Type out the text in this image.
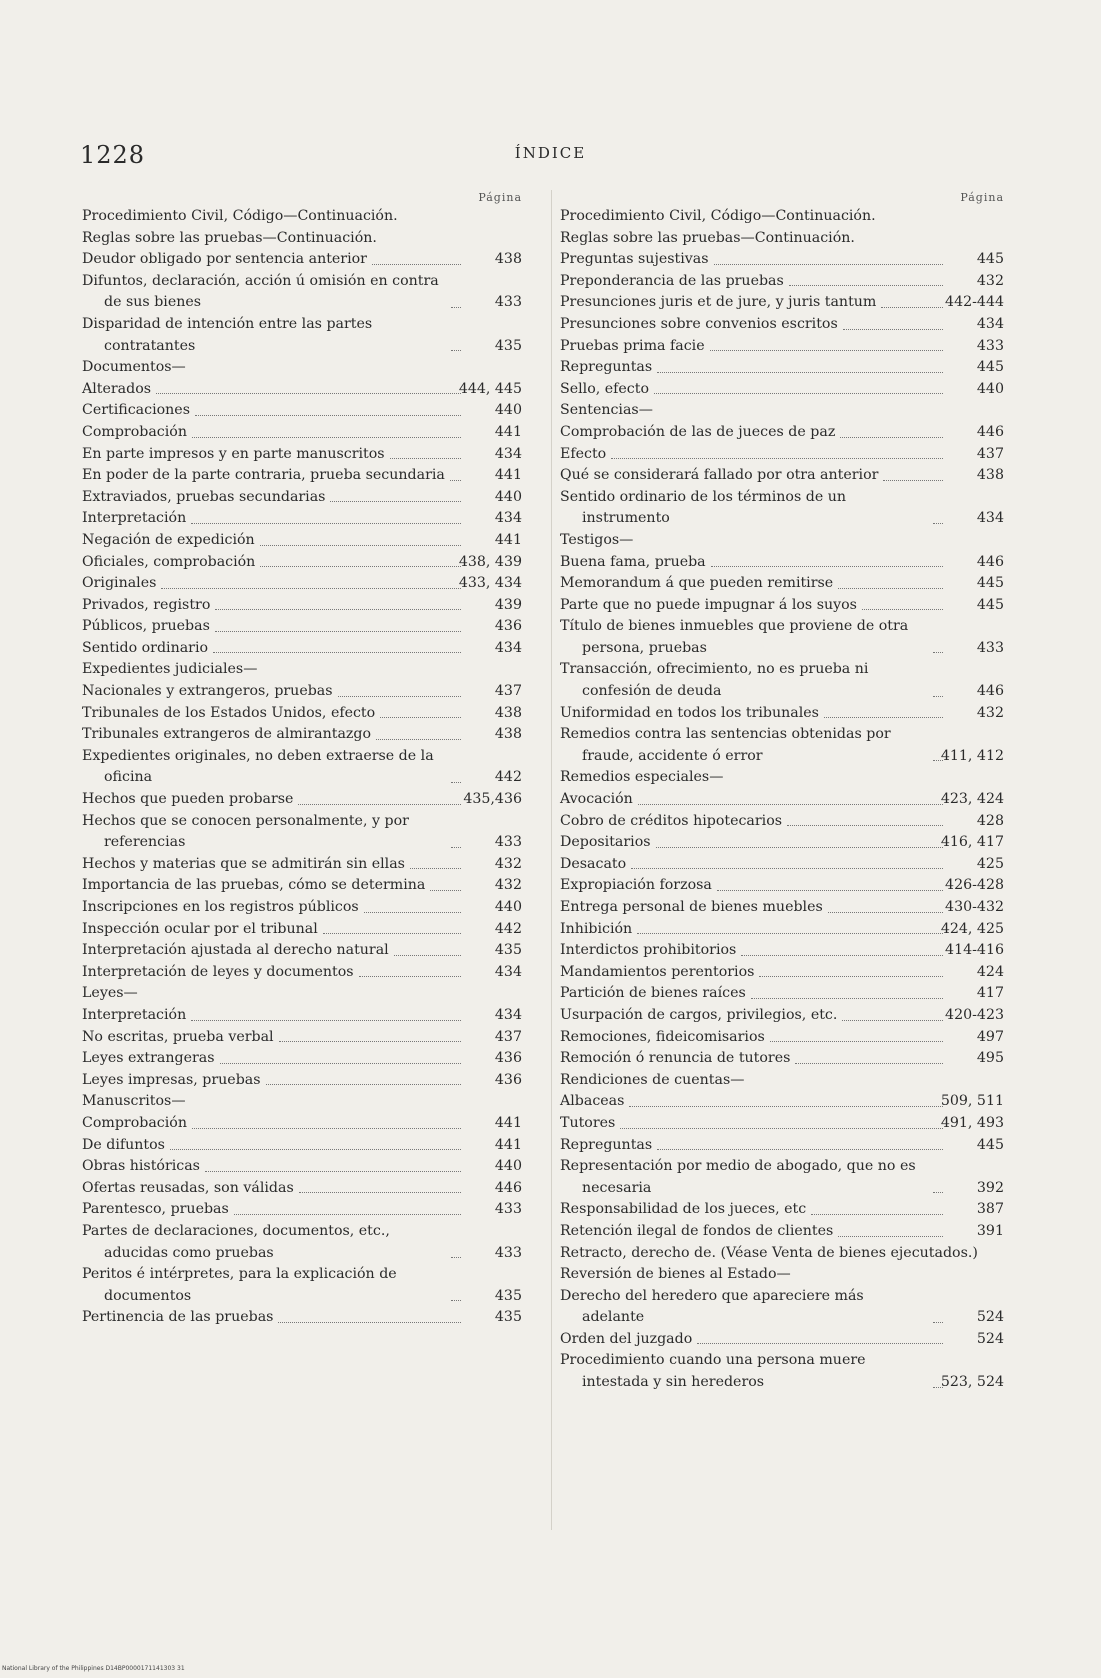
1228	ÍNDICE
Página
Procedimiento Civil, Código—Continuación.
Reglas sobre las pruebas—Continuación.
Deudor obligado por sentencia anterior	438
Difuntos, declaración, acción ú omisión en contra de sus bienes	433
Disparidad de intención entre las partes contratantes	435
Documentos—
Alterados	444, 445
Certificaciones	440
Comprobación	441
En parte impresos y en parte manuscritos	434
En poder de la parte contraria, prueba secundaria	441
Extraviados, pruebas secundarias	440
Interpretación	434
Negación de expedición	441
Oficiales, comprobación	438, 439
Originales	433, 434
Privados, registro	439
Públicos, pruebas	436
Sentido ordinario	434
Expedientes judiciales—
Nacionales y extrangeros, pruebas	437
Tribunales de los Estados Unidos, efecto	438
Tribunales extrangeros de almirantazgo	438
Expedientes originales, no deben extraerse de la oficina	442
Hechos que pueden probarse	435,436
Hechos que se conocen personalmente, y por referencias	433
Hechos y materias que se admitirán sin ellas	432
Importancia de las pruebas, cómo se determina	432
Inscripciones en los registros públicos	440
Inspección ocular por el tribunal	442
Interpretación ajustada al derecho natural	435
Interpretación de leyes y documentos	434
Leyes—
Interpretación	434
No escritas, prueba verbal	437
Leyes extrangeras	436
Leyes impresas, pruebas	436
Manuscritos—
Comprobación	441
De difuntos	441
Obras históricas	440
Ofertas reusadas, son válidas	446
Parentesco, pruebas	433
Partes de declaraciones, documentos, etc., aducidas como pruebas	433
Peritos é intérpretes, para la explicación de documentos	435
Pertinencia de las pruebas	435
Página
Procedimiento Civil, Código—Continuación.
Reglas sobre las pruebas—Continuación.
Preguntas sujestivas	445
Preponderancia de las pruebas	432
Presunciones juris et de jure, y juris tantum	442-444
Presunciones sobre convenios escritos	434
Pruebas prima facie	433
Repreguntas	445
Sello, efecto	440
Sentencias—
Comprobación de las de jueces de paz	446
Efecto	437
Qué se considerará fallado por otra anterior	438
Sentido ordinario de los términos de un instrumento	434
Testigos—
Buena fama, prueba	446
Memorandum á que pueden remitirse	445
Parte que no puede impugnar á los suyos	445
Título de bienes inmuebles que proviene de otra persona, pruebas	433
Transacción, ofrecimiento, no es prueba ni confesión de deuda	446
Uniformidad en todos los tribunales	432
Remedios contra las sentencias obtenidas por fraude, accidente ó error	411, 412
Remedios especiales—
Avocación	423, 424
Cobro de créditos hipotecarios	428
Depositarios	416, 417
Desacato	425
Expropiación forzosa	426-428
Entrega personal de bienes muebles	430-432
Inhibición	424, 425
Interdictos prohibitorios	414-416
Mandamientos perentorios	424
Partición de bienes raíces	417
Usurpación de cargos, privilegios, etc.	420-423
Remociones, fideicomisarios	497
Remoción ó renuncia de tutores	495
Rendiciones de cuentas—
Albaceas	509, 511
Tutores	491, 493
Repreguntas	445
Representación por medio de abogado, que no es necesaria	392
Responsabilidad de los jueces, etc	387
Retención ilegal de fondos de clientes	391
Retracto, derecho de. (Véase Venta de bienes ejecutados.)
Reversión de bienes al Estado—
Derecho del heredero que apareciere más adelante	524
Orden del juzgado	524
Procedimiento cuando una persona muere intestada y sin herederos	523, 524
National Library of the Philippines D14BP0000171141303 31
